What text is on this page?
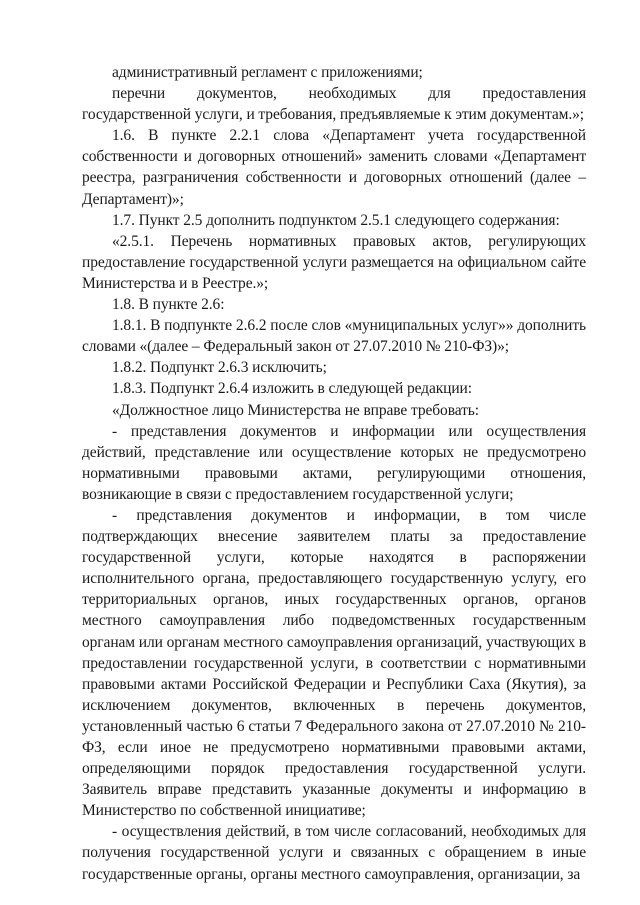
административный регламент с приложениями;

перечни документов, необходимых для предоставления государственной услуги, и требования, предъявляемые к этим документам.»;

1.6. В пункте 2.2.1 слова «Департамент учета государственной собственности и договорных отношений» заменить словами «Департамент реестра, разграничения собственности и договорных отношений (далее – Департамент)»;

1.7. Пункт 2.5 дополнить подпунктом 2.5.1 следующего содержания:

«2.5.1. Перечень нормативных правовых актов, регулирующих предоставление государственной услуги размещается на официальном сайте Министерства и в Реестре.»;

1.8. В пункте 2.6:

1.8.1. В подпункте 2.6.2 после слов «муниципальных услуг»» дополнить словами «(далее – Федеральный закон от 27.07.2010 № 210-ФЗ)»;

1.8.2. Подпункт 2.6.3 исключить;

1.8.3. Подпункт 2.6.4 изложить в следующей редакции:

«Должностное лицо Министерства не вправе требовать:

- представления документов и информации или осуществления действий, представление или осуществление которых не предусмотрено нормативными правовыми актами, регулирующими отношения, возникающие в связи с предоставлением государственной услуги;

- представления документов и информации, в том числе подтверждающих внесение заявителем платы за предоставление государственной услуги, которые находятся в распоряжении исполнительного органа, предоставляющего государственную услугу, его территориальных органов, иных государственных органов, органов местного самоуправления либо подведомственных государственным органам или органам местного самоуправления организаций, участвующих в предоставлении государственной услуги, в соответствии с нормативными правовыми актами Российской Федерации и Республики Саха (Якутия), за исключением документов, включенных в перечень документов, установленный частью 6 статьи 7 Федерального закона от 27.07.2010 № 210-ФЗ, если иное не предусмотрено нормативными правовыми актами, определяющими порядок предоставления государственной услуги. Заявитель вправе представить указанные документы и информацию в Министерство по собственной инициативе;

- осуществления действий, в том числе согласований, необходимых для получения государственной услуги и связанных с обращением в иные государственные органы, органы местного самоуправления, организации, за
